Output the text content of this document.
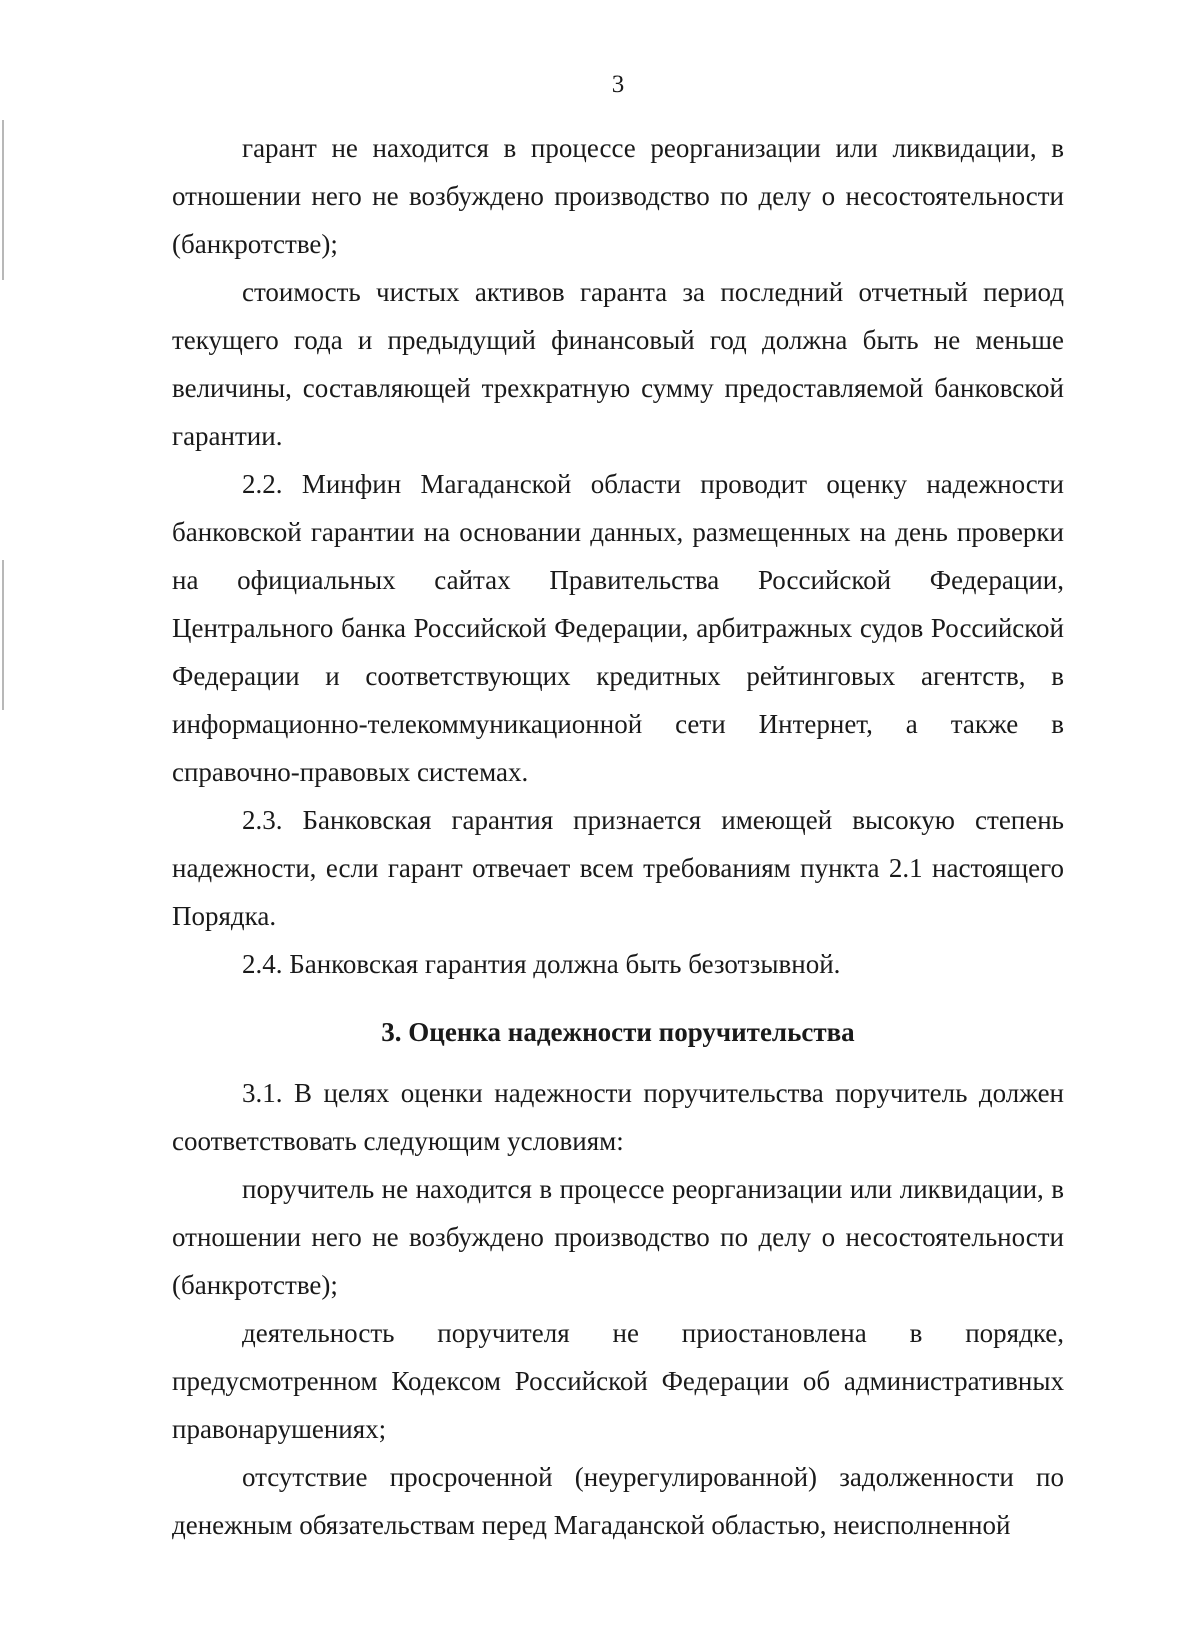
3

гарант не находится в процессе реорганизации или ликвидации, в отношении него не возбуждено производство по делу о несостоятельности (банкротстве);

стоимость чистых активов гаранта за последний отчетный период текущего года и предыдущий финансовый год должна быть не меньше величины, составляющей трехкратную сумму предоставляемой банковской гарантии.

2.2. Минфин Магаданской области проводит оценку надежности банковской гарантии на основании данных, размещенных на день проверки на официальных сайтах Правительства Российской Федерации, Центрального банка Российской Федерации, арбитражных судов Российской Федерации и соответствующих кредитных рейтинговых агентств, в информационно-телекоммуникационной сети Интернет, а также в справочно-правовых системах.

2.3. Банковская гарантия признается имеющей высокую степень надежности, если гарант отвечает всем требованиям пункта 2.1 настоящего Порядка.

2.4. Банковская гарантия должна быть безотзывной.

3. Оценка надежности поручительства

3.1. В целях оценки надежности поручительства поручитель должен соответствовать следующим условиям:

поручитель не находится в процессе реорганизации или ликвидации, в отношении него не возбуждено производство по делу о несостоятельности (банкротстве);

деятельность поручителя не приостановлена в порядке, предусмотренном Кодексом Российской Федерации об административных правонарушениях;

отсутствие просроченной (неурегулированной) задолженности по денежным обязательствам перед Магаданской областью, неисполненной
